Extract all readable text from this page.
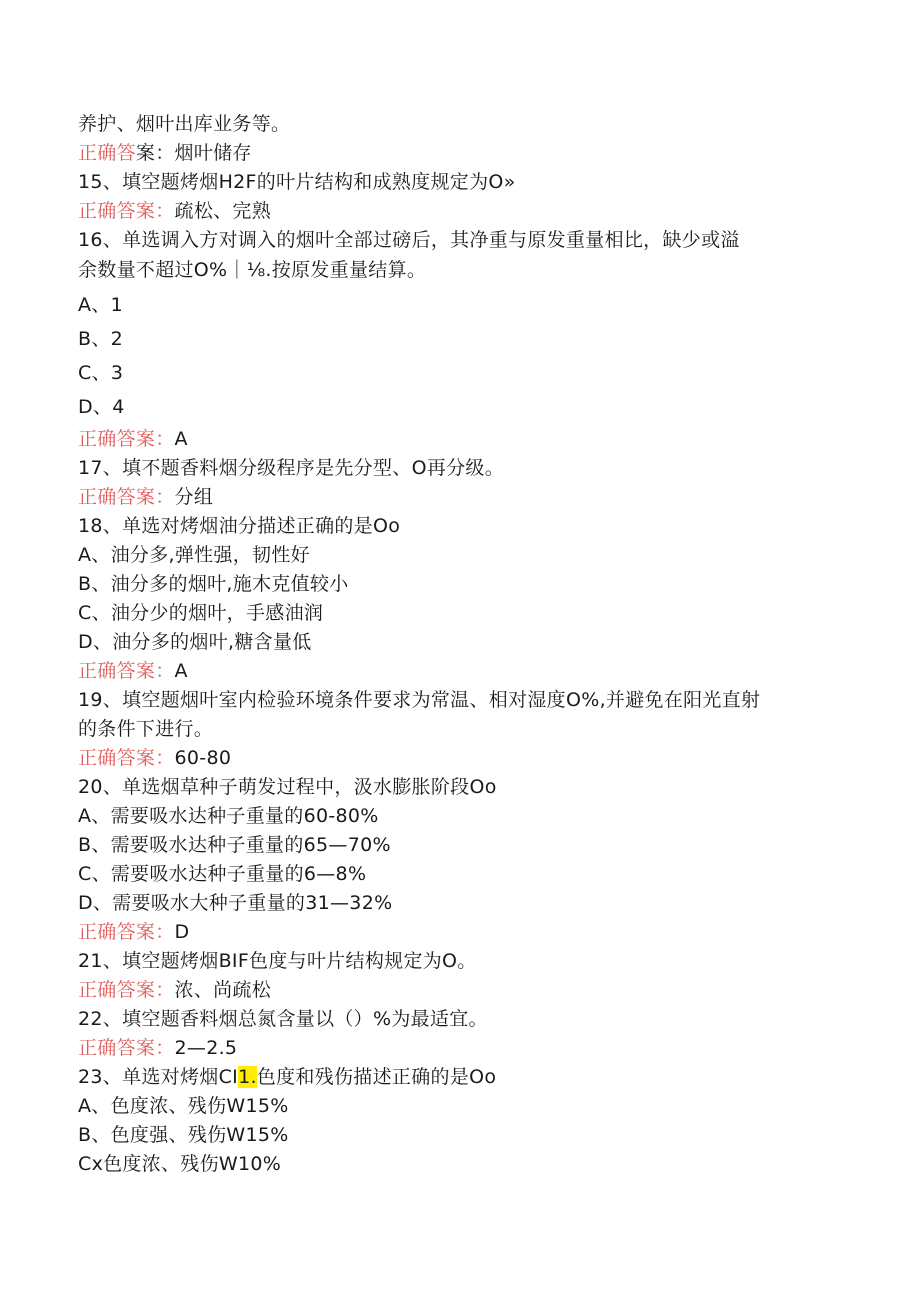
养护、烟叶出库业务等。
正确答案：烟叶储存
15、填空题烤烟H2F的叶片结构和成熟度规定为O»
正确答案：疏松、完熟
16、单选调入方对调入的烟叶全部过磅后，其净重与原发重量相比，缺少或溢
余数量不超过O%｜⅛.按原发重量结算。
A、1
B、2
C、3
D、4
正确答案：A
17、填不题香料烟分级程序是先分型、O再分级。
正确答案：分组
18、单选对烤烟油分描述正确的是Oo
A、油分多,弹性强，韧性好
B、油分多的烟叶,施木克值较小
C、油分少的烟叶，手感油润
D、油分多的烟叶,糖含量低
正确答案：A
19、填空题烟叶室内检验环境条件要求为常温、相对湿度O%,并避免在阳光直射
的条件下进行。
正确答案：60-80
20、单选烟草种子萌发过程中，汲水膨胀阶段Oo
A、需要吸水达种子重量的60-80%
B、需要吸水达种子重量的65—70%
C、需要吸水达种子重量的6—8%
D、需要吸水大种子重量的31—32%
正确答案：D
21、填空题烤烟BIF色度与叶片结构规定为O。
正确答案：浓、尚疏松
22、填空题香料烟总氮含量以（）%为最适宜。
正确答案：2—2.5
23、单选对烤烟CI1.色度和残伤描述正确的是Oo
A、色度浓、残伤W15%
B、色度强、残伤W15%
Cx色度浓、残伤W10%
